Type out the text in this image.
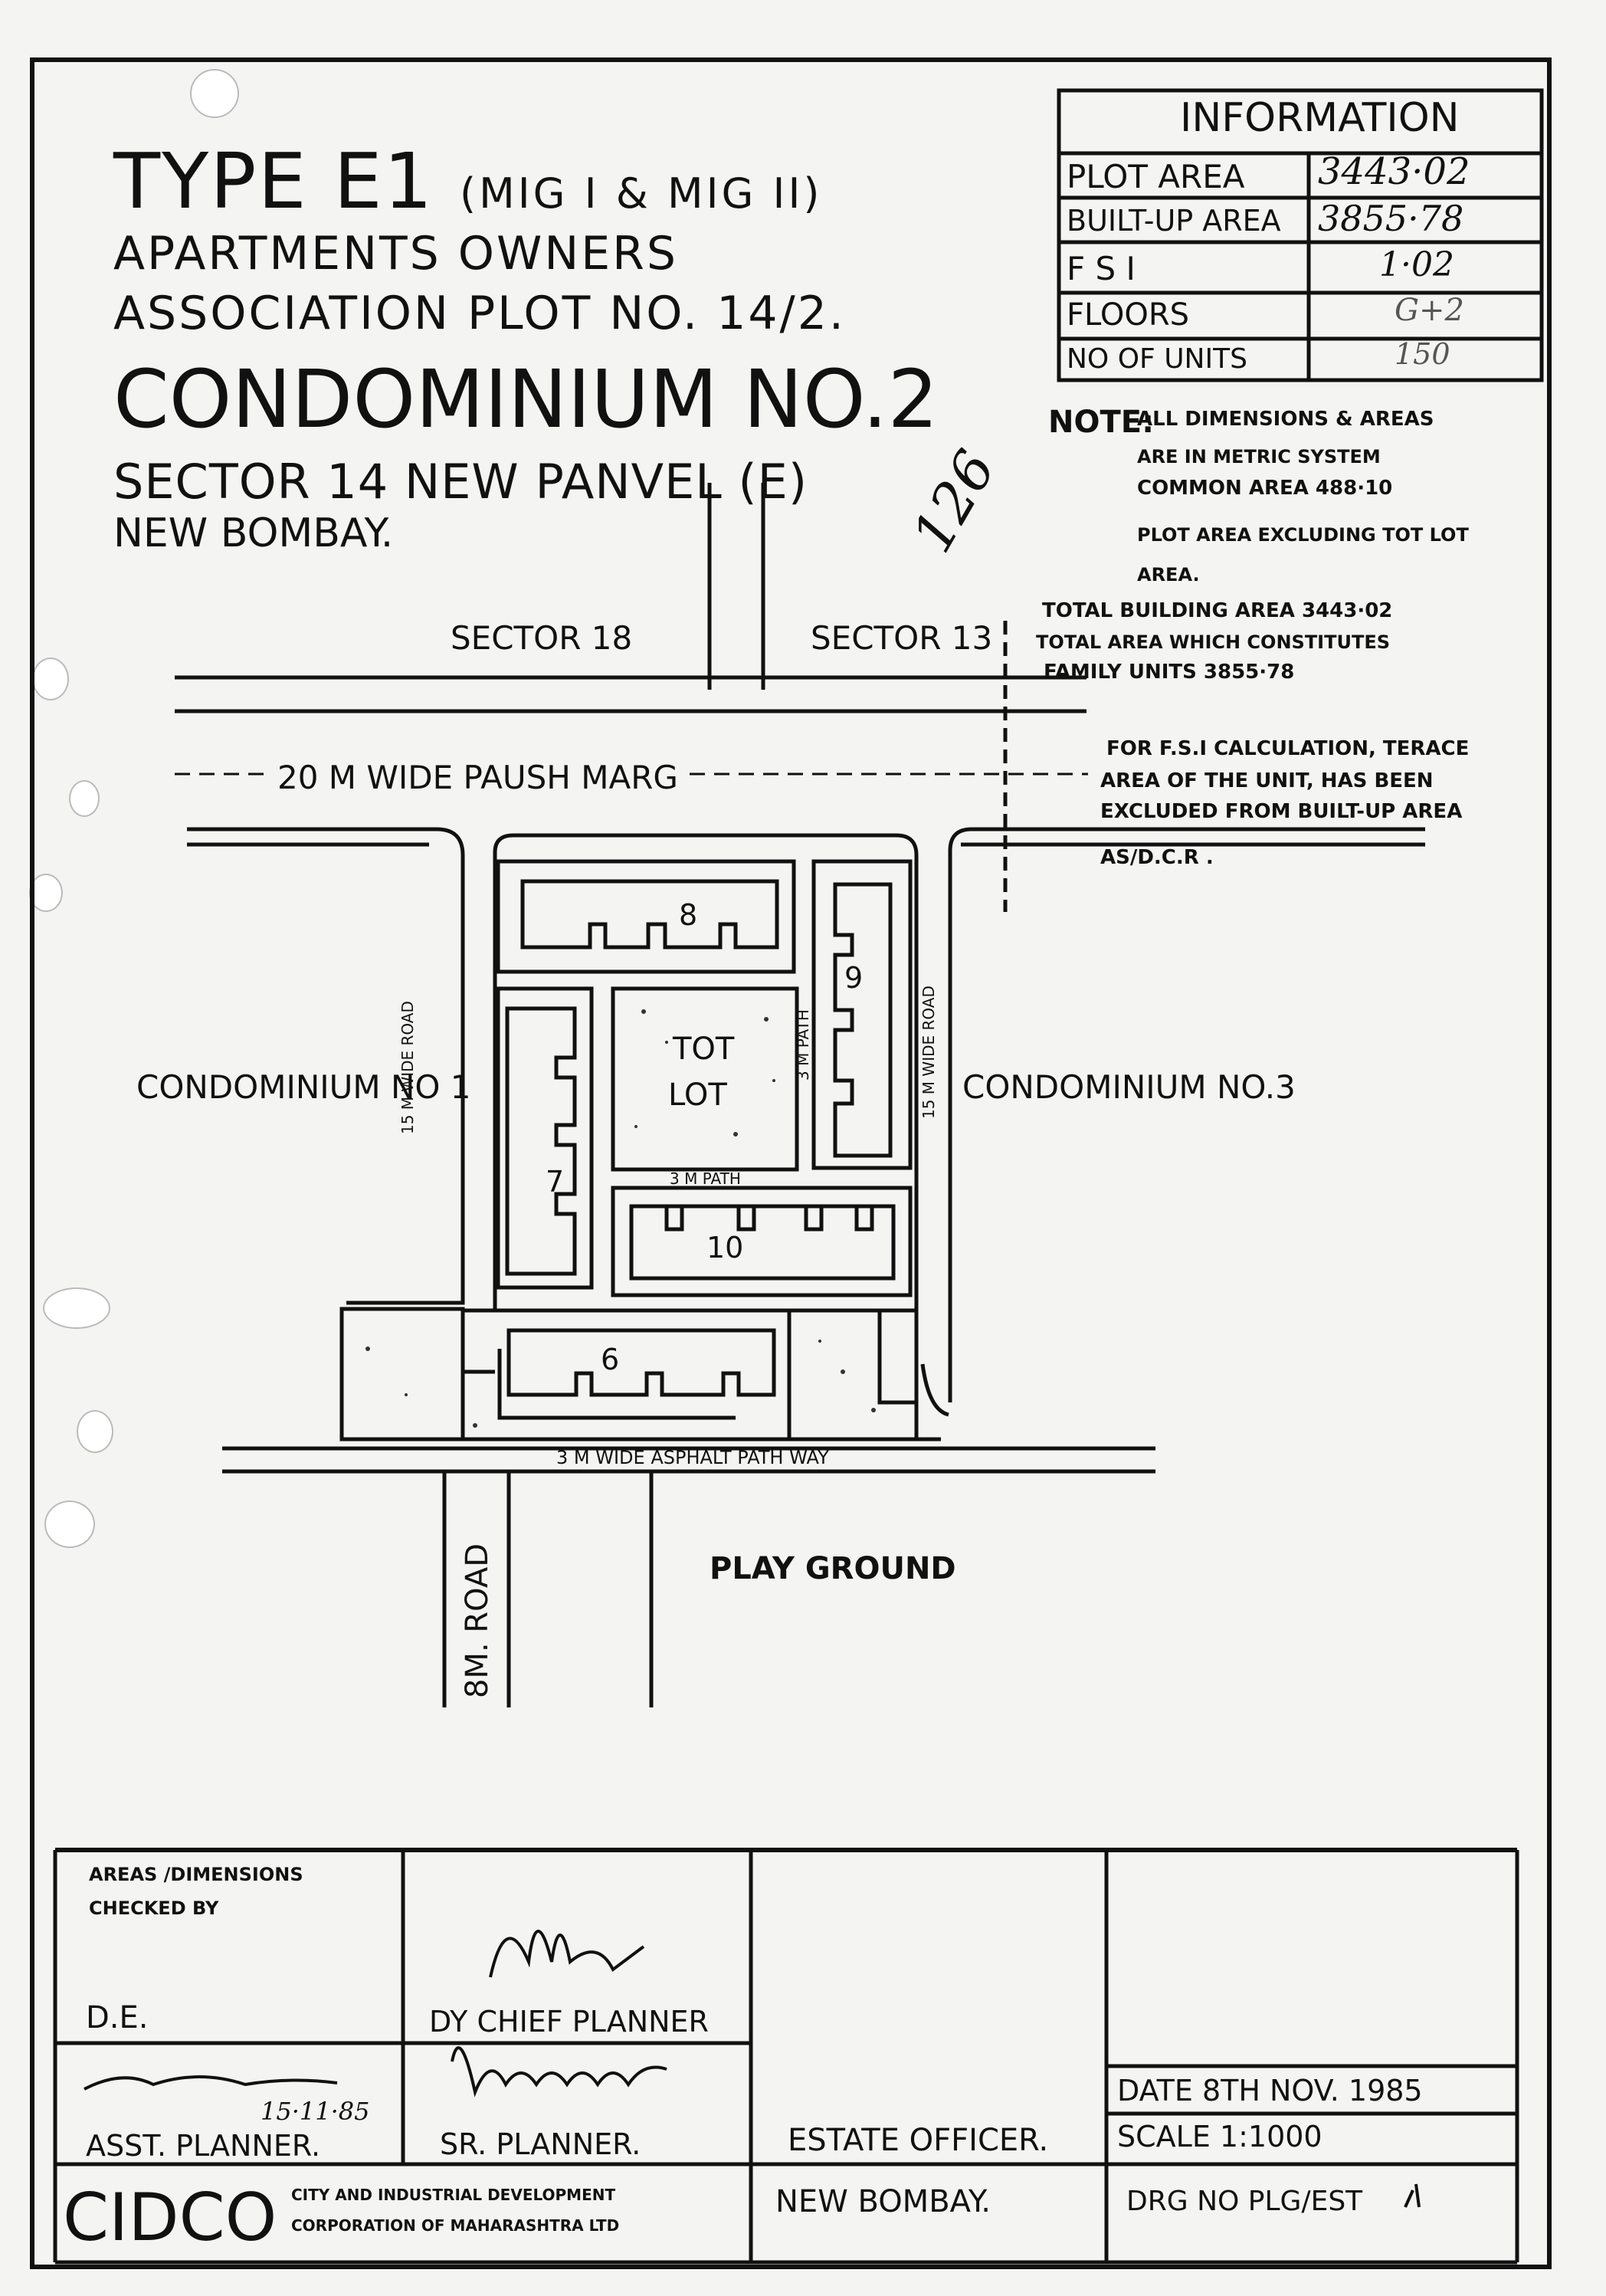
TYPE E1 (MIG I & MIG II)
APARTMENTS OWNERS
ASSOCIATION PLOT NO. 14/2.
CONDOMINIUM NO.2
SECTOR 14 NEW PANVEL (E)
NEW BOMBAY.	126
INFORMATION
PLOT AREA 3443·02
BUILT-UP AREA 3855·78
F S I	1·02
FLOORS	G+2
NO OF UNITS	150
NOTE:
ALL DIMENSIONS & AREAS
ARE IN METRIC SYSTEM
COMMON AREA 488·10
PLOT AREA EXCLUDING TOT LOT
AREA.
TOTAL BUILDING AREA 3443·02
TOTAL AREA WHICH CONSTITUTES
FAMILY UNITS 3855·78
FOR F.S.I CALCULATION, TERACE
AREA OF THE UNIT, HAS BEEN
EXCLUDED FROM BUILT-UP AREA
AS/D.C.R .
SECTOR 18	SECTOR 13
20 M WIDE PAUSH MARG
CONDOMINIUM NO 1	CONDOMINIUM NO.3
15 M WIDE ROAD	15 M WIDE ROAD
TOT
LOT
3 M PATH
3 M PATH
3 M WIDE ASPHALT PATH WAY
PLAY GROUND
8M. ROAD
8
9
7
10
6
AREAS /DIMENSIONS
CHECKED BY
D.E.	DY CHIEF PLANNER
15·11·85
ASST. PLANNER.	SR. PLANNER.	ESTATE OFFICER.
NEW BOMBAY.
DATE 8TH NOV. 1985
SCALE 1:1000
DRG NO PLG/EST
CIDCO CITY AND INDUSTRIAL DEVELOPMENT
CORPORATION OF MAHARASHTRA LTD
